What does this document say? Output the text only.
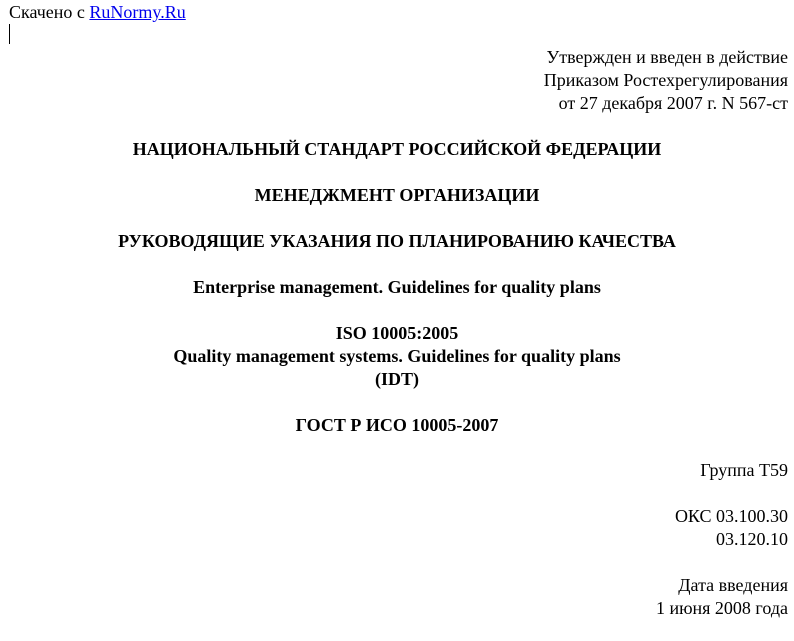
Скачено с RuNormy.Ru
Утвержден и введен в действие
Приказом Ростехрегулирования
от 27 декабря 2007 г. N 567-ст
НАЦИОНАЛЬНЫЙ СТАНДАРТ РОССИЙСКОЙ ФЕДЕРАЦИИ
МЕНЕДЖМЕНТ ОРГАНИЗАЦИИ
РУКОВОДЯЩИЕ УКАЗАНИЯ ПО ПЛАНИРОВАНИЮ КАЧЕСТВА
Enterprise management. Guidelines for quality plans
ISO 10005:2005
Quality management systems. Guidelines for quality plans
(IDT)
ГОСТ Р ИСО 10005-2007
Группа Т59
ОКС 03.100.30
03.120.10
Дата введения
1 июня 2008 года
